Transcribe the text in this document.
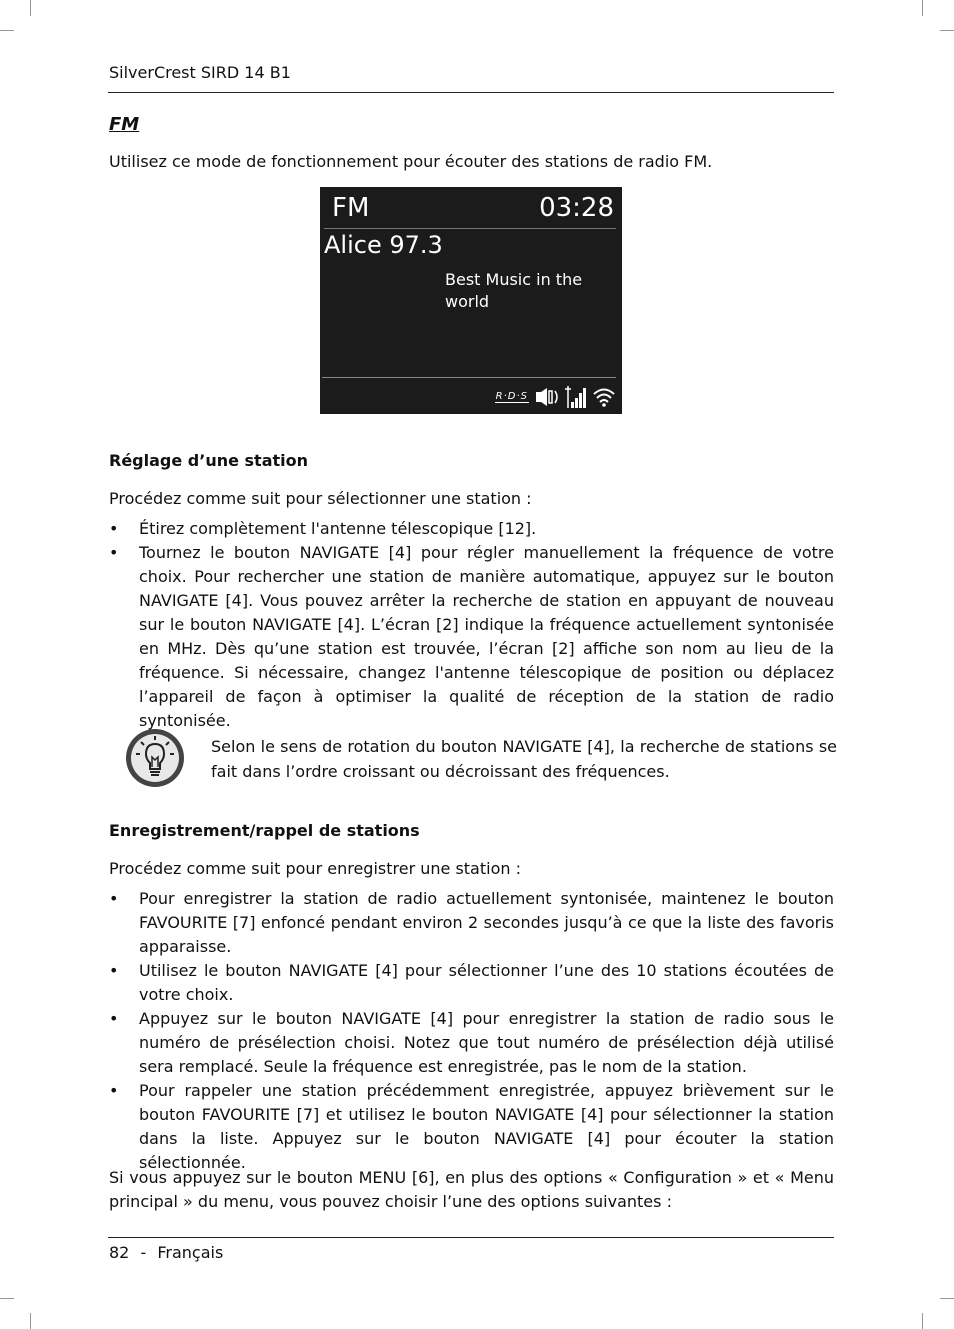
SilverCrest SIRD 14 B1
FM
Utilisez ce mode de fonctionnement pour écouter des stations de radio FM.
FM	03:28
Alice 97.3
Best Music in the world
R·D·S
Réglage d’une station
Procédez comme suit pour sélectionner une station :
• Étirez complètement l'antenne télescopique [12].
• Tournez le bouton NAVIGATE [4] pour régler manuellement la fréquence de votre choix. Pour rechercher une station de manière automatique, appuyez sur le bouton NAVIGATE [4]. Vous pouvez arrêter la recherche de station en appuyant de nouveau sur le bouton NAVIGATE [4]. L’écran [2] indique la fréquence actuellement syntonisée en MHz. Dès qu’une station est trouvée, l’écran [2] affiche son nom au lieu de la fréquence. Si nécessaire, changez l'antenne télescopique de position ou déplacez l’appareil de façon à optimiser la qualité de réception de la station de radio syntonisée.
Selon le sens de rotation du bouton NAVIGATE [4], la recherche de stations se fait dans l’ordre croissant ou décroissant des fréquences.
Enregistrement/rappel de stations
Procédez comme suit pour enregistrer une station :
• Pour enregistrer la station de radio actuellement syntonisée, maintenez le bouton FAVOURITE [7] enfoncé pendant environ 2 secondes jusqu’à ce que la liste des favoris apparaisse.
• Utilisez le bouton NAVIGATE [4] pour sélectionner l’une des 10 stations écoutées de votre choix.
• Appuyez sur le bouton NAVIGATE [4] pour enregistrer la station de radio sous le numéro de présélection choisi. Notez que tout numéro de présélection déjà utilisé sera remplacé. Seule la fréquence est enregistrée, pas le nom de la station.
• Pour rappeler une station précédemment enregistrée, appuyez brièvement sur le bouton FAVOURITE [7] et utilisez le bouton NAVIGATE [4] pour sélectionner la station dans la liste. Appuyez sur le bouton NAVIGATE [4] pour écouter la station sélectionnée.
Si vous appuyez sur le bouton MENU [6], en plus des options « Configuration » et « Menu principal » du menu, vous pouvez choisir l’une des options suivantes :
82 - Français
